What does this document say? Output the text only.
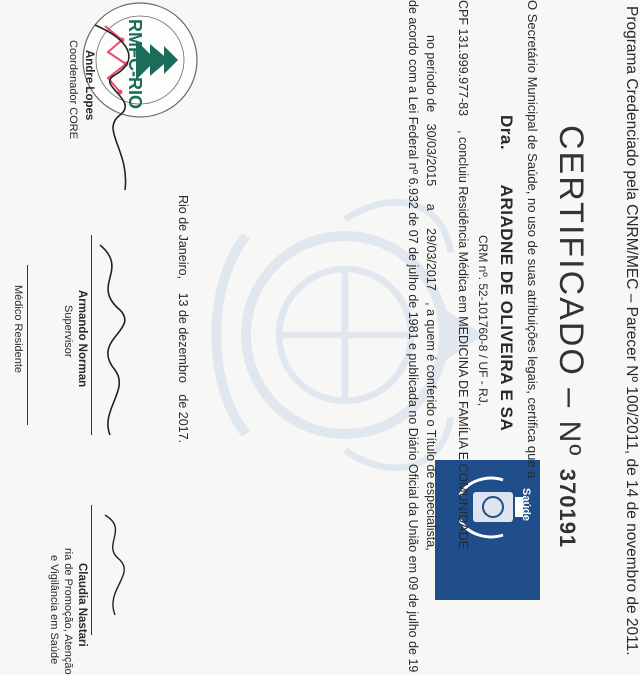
RMFC-RIO
Saúde	Programa Credenciado pela CNRM/MEC – Parecer Nº 100/2011, de 14 de novembro de 2011.
CERTIFICADO – Nº 370191
O Secretário Municipal de Saúde, no uso de suas atribuições legais, certifica que a
Dra. ARIADNE DE OLIVEIRA E SA
CRM nº. 52-101760-8 / UF - RJ,
CPF 131.999.977-83, concluiu Residência Médica em MEDICINA DE FAMÍLIA E COMUNIDADE
no período de 30/03/2015 a 29/03/2017 , a quem é conferido o Título de especialista,
de acordo com a Lei Federal nº 6.932 de 07 de julho de 1981 e publicada no Diário Oficial da União em 09 de julho de 19
Rio de Janeiro, 13 de dezembro de 2017.
Andre Lopes
Coordenador CORE
Armando Norman
Supervisor
Claudia Nastari
ria de Promoção, Atenção
e Vigilância em Saúde
Médico Residente
